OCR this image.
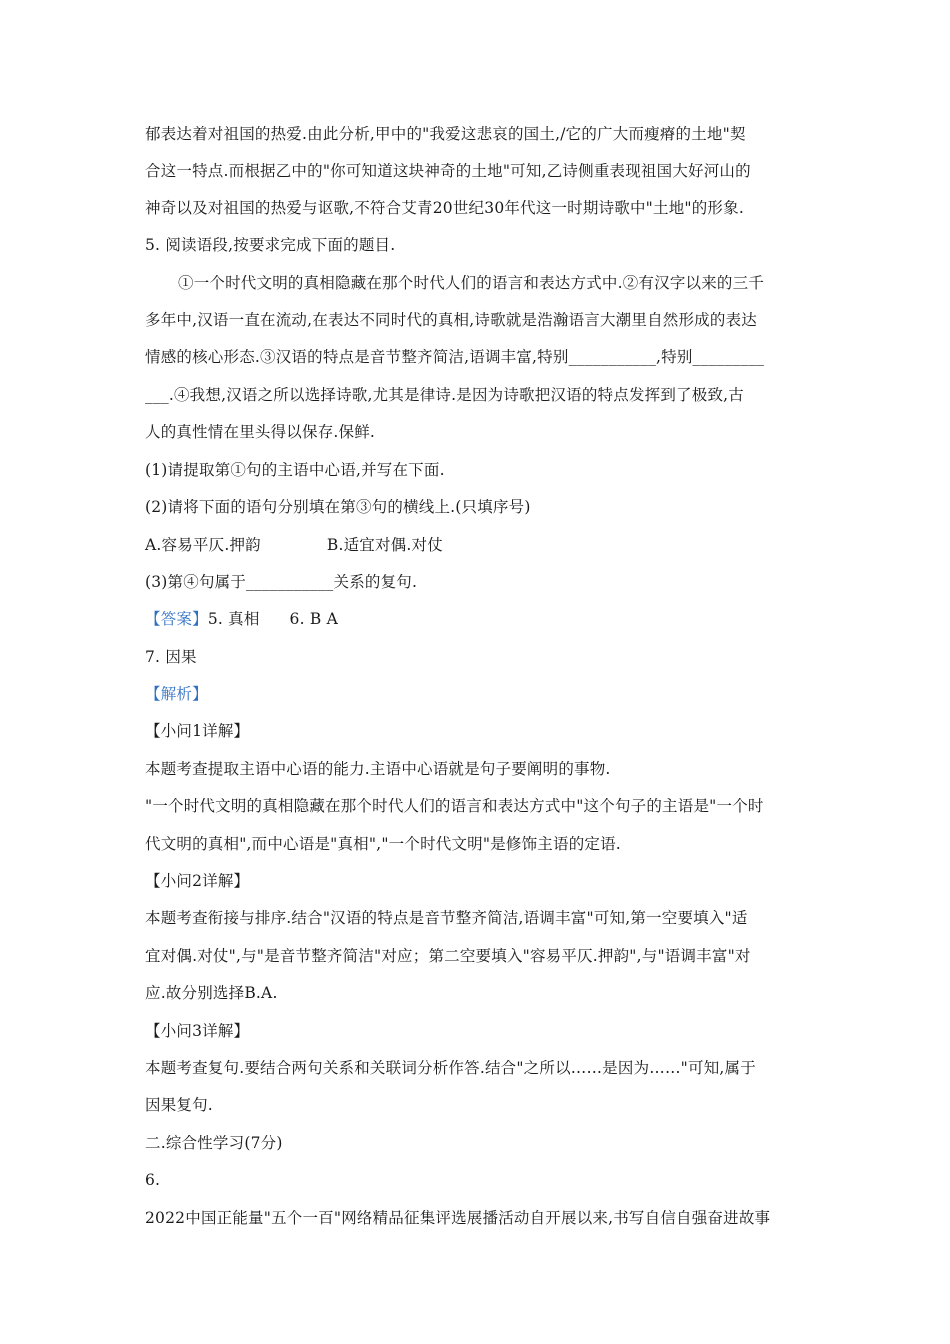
郁表达着对祖国的热爱.由此分析,甲中的"我爱这悲哀的国土,/它的广大而瘦瘠的土地"契
合这一特点.而根据乙中的"你可知道这块神奇的土地"可知,乙诗侧重表现祖国大好河山的
神奇以及对祖国的热爱与讴歌,不符合艾青20世纪30年代这一时期诗歌中"土地"的形象.
5. 阅读语段,按要求完成下面的题目.
①一个时代文明的真相隐藏在那个时代人们的语言和表达方式中.②有汉字以来的三千
多年中,汉语一直在流动,在表达不同时代的真相,诗歌就是浩瀚语言大潮里自然形成的表达
情感的核心形态.③汉语的特点是音节整齐简洁,语调丰富,特别___________,特别_________
___.④我想,汉语之所以选择诗歌,尤其是律诗.是因为诗歌把汉语的特点发挥到了极致,古
人的真性情在里头得以保存.保鲜.
(1)请提取第①句的主语中心语,并写在下面.
(2)请将下面的语句分别填在第③句的横线上.(只填序号)
A.容易平仄.押韵	B.适宜对偶.对仗
(3)第④句属于___________关系的复句.
【答案】5. 真相 6. B A
7. 因果
【解析】
【小问1详解】
本题考查提取主语中心语的能力.主语中心语就是句子要阐明的事物.
"一个时代文明的真相隐藏在那个时代人们的语言和表达方式中"这个句子的主语是"一个时
代文明的真相",而中心语是"真相","一个时代文明"是修饰主语的定语.
【小问2详解】
本题考查衔接与排序.结合"汉语的特点是音节整齐简洁,语调丰富"可知,第一空要填入"适
宜对偶.对仗",与"是音节整齐简洁"对应；第二空要填入"容易平仄.押韵",与"语调丰富"对
应.故分别选择B.A.
【小问3详解】
本题考查复句.要结合两句关系和关联词分析作答.结合"之所以……是因为……"可知,属于
因果复句.
二.综合性学习(7分)
6.
2022中国正能量"五个一百"网络精品征集评选展播活动自开展以来,书写自信自强奋进故事
